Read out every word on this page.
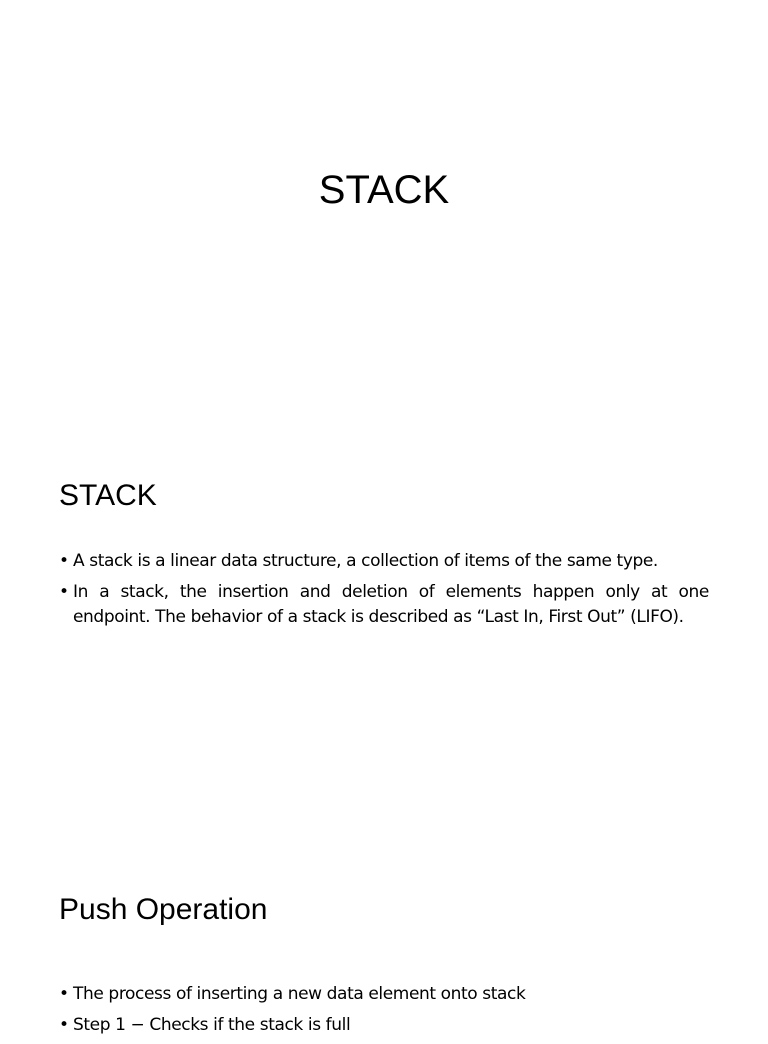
STACK
STACK
• A stack is a linear data structure, a collection of items of the same type.
• In a stack, the insertion and deletion of elements happen only at one endpoint. The behavior of a stack is described as “Last In, First Out” (LIFO).
Push Operation
• The process of inserting a new data element onto stack
• Step 1 − Checks if the stack is full
